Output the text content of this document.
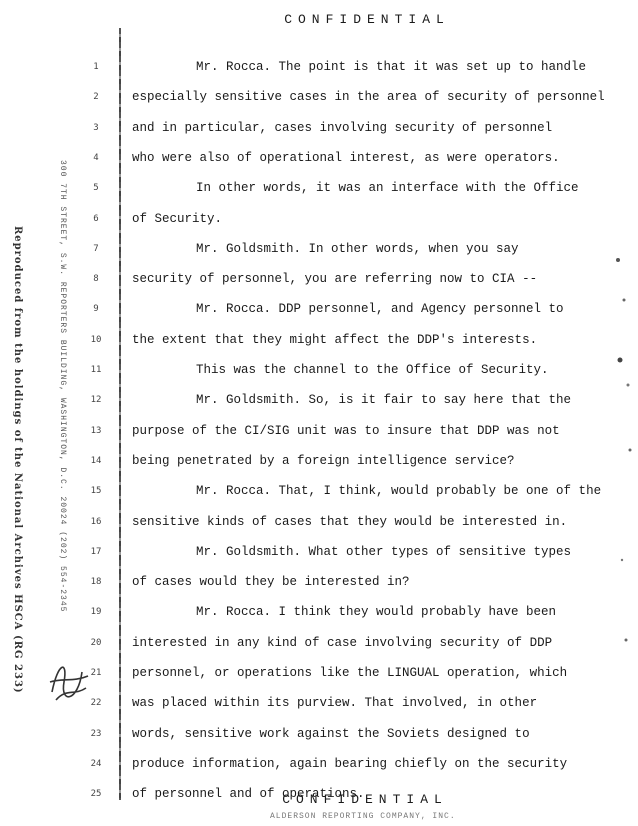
CONFIDENTIAL
Reproduced from the holdings of the National Archives HSCA (RG 233)	300 7TH STREET, S.W. REPORTERS BUILDING, WASHINGTON, D.C. 20024 (202) 554-2345
1	Mr. Rocca. The point is that it was set up to handle
2	especially sensitive cases in the area of security of personnel
3	and in particular, cases involving security of personnel
4	who were also of operational interest, as were operators.
5	In other words, it was an interface with the Office
6	of Security.
7	Mr. Goldsmith. In other words, when you say
8	security of personnel, you are referring now to CIA --
9	Mr. Rocca. DDP personnel, and Agency personnel to
10	the extent that they might affect the DDP's interests.
11	This was the channel to the Office of Security.
12	Mr. Goldsmith. So, is it fair to say here that the
13	purpose of the CI/SIG unit was to insure that DDP was not
14	being penetrated by a foreign intelligence service?
15	Mr. Rocca. That, I think, would probably be one of the
16	sensitive kinds of cases that they would be interested in.
17	Mr. Goldsmith. What other types of sensitive types
18	of cases would they be interested in?
19	Mr. Rocca. I think they would probably have been
20	interested in any kind of case involving security of DDP
21	personnel, or operations like the LINGUAL operation, which
22	was placed within its purview. That involved, in other
23	words, sensitive work against the Soviets designed to
24	produce information, again bearing chiefly on the security
25	of personnel and of operations.
CONFIDENTIAL
ALDERSON REPORTING COMPANY, INC.
